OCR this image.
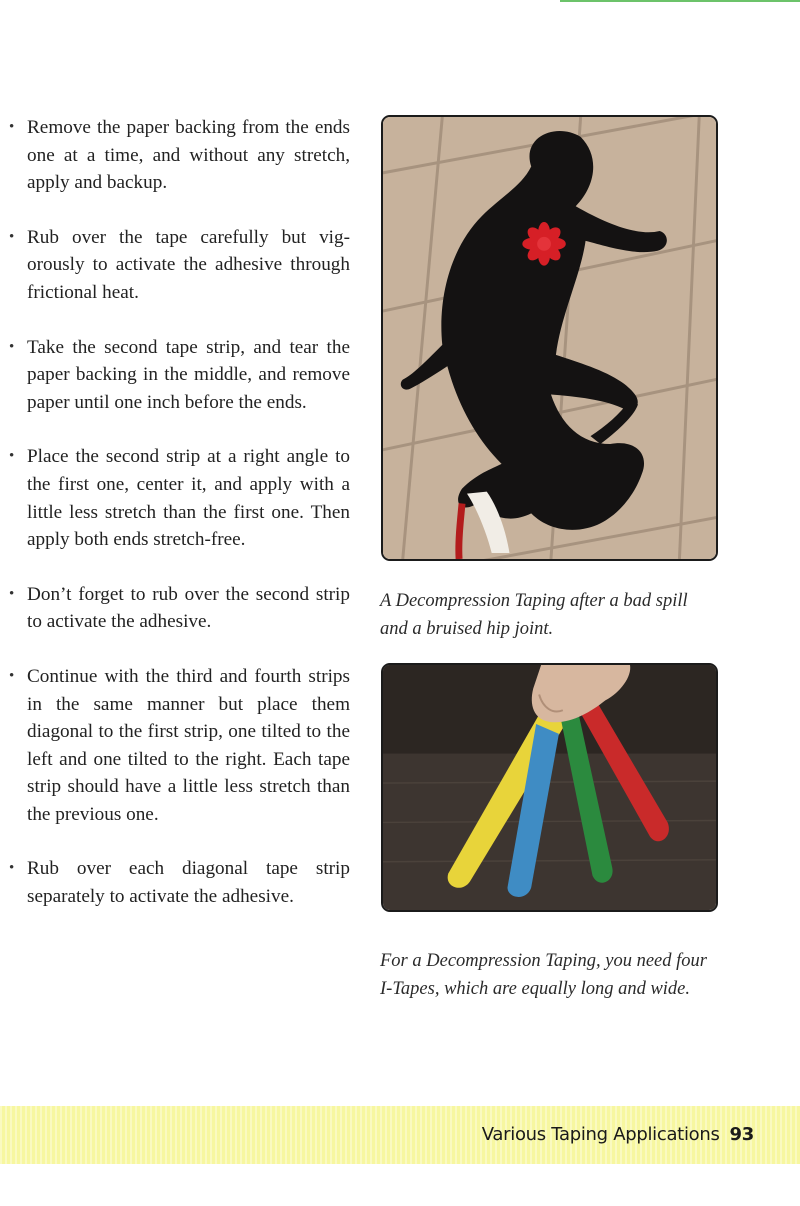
• Remove the paper backing from the ends one at a time, and without any stretch, apply and backup.
• Rub over the tape carefully but vigorously to activate the adhesive through frictional heat.
• Take the second tape strip, and tear the paper backing in the middle, and remove paper until one inch before the ends.
• Place the second strip at a right angle to the first one, center it, and apply with a little less stretch than the first one. Then apply both ends stretch-free.
• Don’t forget to rub over the second strip to activate the adhesive.
• Continue with the third and fourth strips in the same manner but place them diagonal to the first strip, one tilted to the left and one tilted to the right. Each tape strip should have a little less stretch than the previous one.
• Rub over each diagonal tape strip separately to activate the adhesive.

A Decompression Taping after a bad spill and a bruised hip joint.

For a Decompression Taping, you need four I-Tapes, which are equally long and wide.

Various Taping Applications 93
